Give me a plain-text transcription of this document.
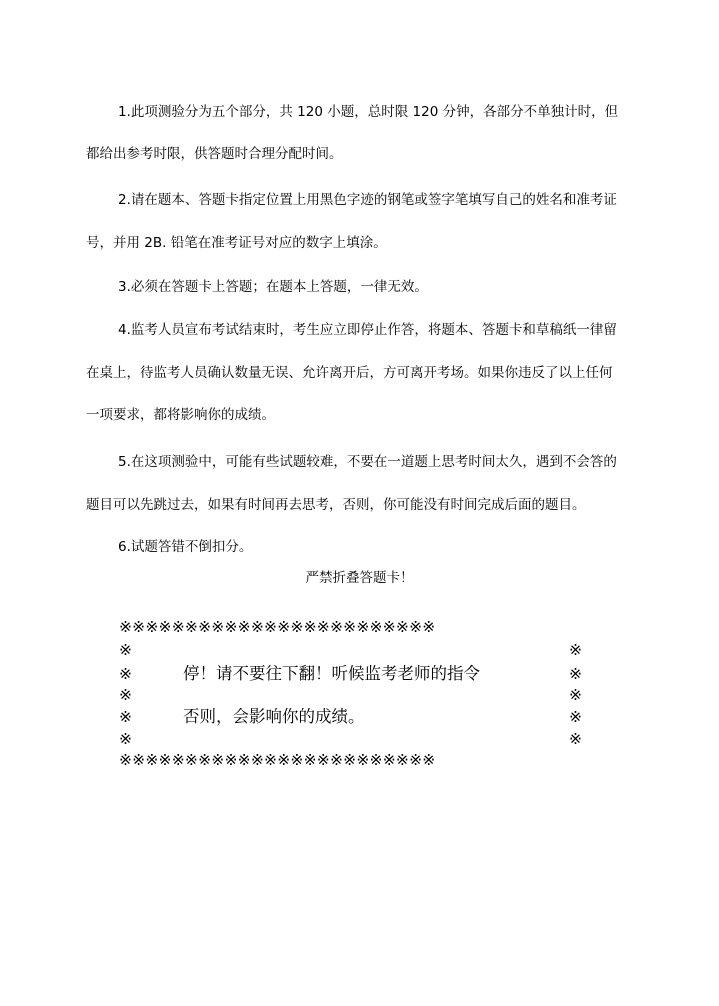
1.此项测验分为五个部分，共 120 小题，总时限 120 分钟，各部分不单独计时，但
都给出参考时限，供答题时合理分配时间。
2.请在题本、答题卡指定位置上用黑色字迹的钢笔或签字笔填写自己的姓名和准考证
号，并用 2B. 铅笔在准考证号对应的数字上填涂。
3.必须在答题卡上答题；在题本上答题，一律无效。
4.监考人员宣布考试结束时，考生应立即停止作答，将题本、答题卡和草稿纸一律留
在桌上，待监考人员确认数量无误、允许离开后，方可离开考场。如果你违反了以上任何
一项要求，都将影响你的成绩。
5.在这项测验中，可能有些试题较难，不要在一道题上思考时间太久，遇到不会答的
题目可以先跳过去，如果有时间再去思考，否则，你可能没有时间完成后面的题目。
6.试题答错不倒扣分。
严禁折叠答题卡！
※※※※※※※※※※※※※※※※※※※※※※※※
※	※
※	停！请不要往下翻！听候监考老师的指令	※
※	※
※	否则，会影响你的成绩。	※
※	※
※※※※※※※※※※※※※※※※※※※※※※※※
